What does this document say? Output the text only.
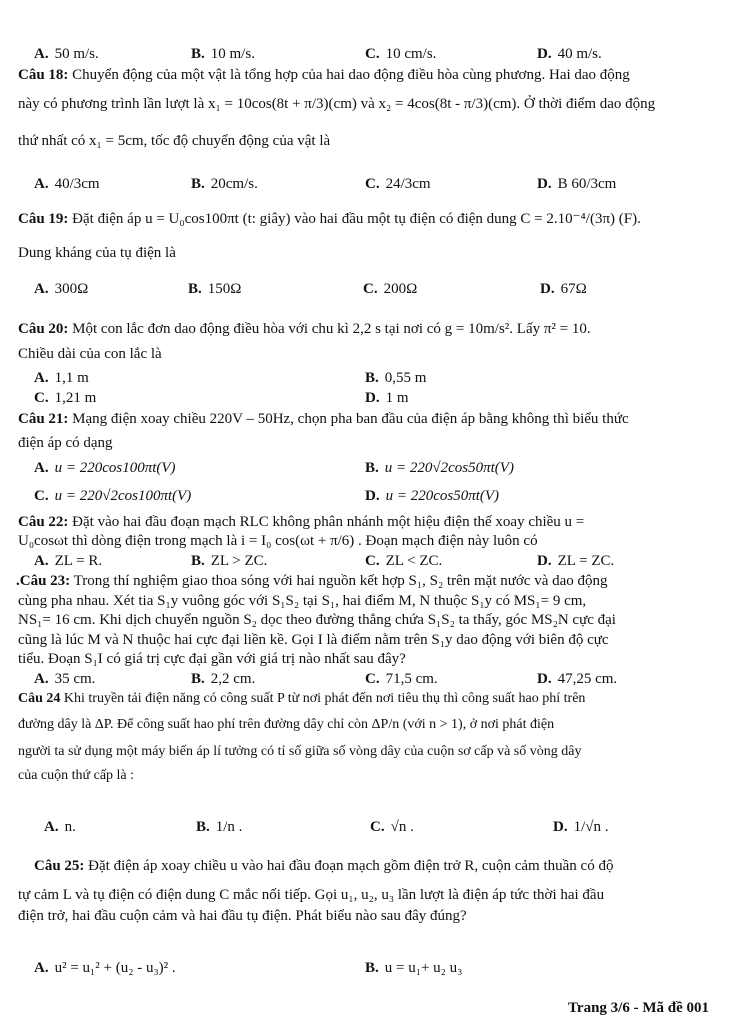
A. 50 m/s.	B. 10 m/s.	C. 10 cm/s.	D. 40 m/s.
Câu 18: Chuyển động của một vật là tổng hợp của hai dao động điều hòa cùng phương. Hai dao động
này có phương trình lần lượt là x₁ = 10cos(8t + π/3)(cm) và x₂ = 4cos(8t - π/3)(cm). Ở thời điểm dao động
thứ nhất có x₁ = 5cm, tốc độ chuyển động của vật là
A. 40/3cm	B. 20cm/s.	C. 24/3cm	D. B 60/3cm
Câu 19: Đặt điện áp u = U₀cos100πt (t: giây) vào hai đầu một tụ điện có điện dung C = 2.10⁻⁴/(3π) (F).
Dung kháng của tụ điện là
A. 300Ω	B. 150Ω	C. 200Ω	D. 67Ω
Câu 20: Một con lắc đơn dao động điều hòa với chu kì 2,2 s tại nơi có g = 10m/s². Lấy π² = 10.
Chiều dài của con lắc là
A. 1,1 m	B. 0,55 m
C. 1,21 m	D. 1 m
Câu 21: Mạng điện xoay chiều 220V – 50Hz, chọn pha ban đầu của điện áp bằng không thì biểu thức
điện áp có dạng
A. u = 220cos100πt(V)	B. u = 220√2cos50πt(V)
C. u = 220√2cos100πt(V)	D. u = 220cos50πt(V)
Câu 22: Đặt vào hai đầu đoạn mạch RLC không phân nhánh một hiệu điện thế xoay chiều u =
U₀cosωt thì dòng điện trong mạch là i = I₀ cos(ωt + π/6) . Đoạn mạch điện này luôn có
A. ZL = R.	B. ZL > ZC.	C. ZL < ZC.	D. ZL = ZC.
.Câu 23: Trong thí nghiệm giao thoa sóng với hai nguồn kết hợp S₁, S₂ trên mặt nước và dao động
cùng pha nhau. Xét tia S₁y vuông góc với S₁S₂ tại S₁, hai điểm M, N thuộc S₁y có MS₁= 9 cm,
NS₁= 16 cm. Khi dịch chuyển nguồn S₂ dọc theo đường thẳng chứa S₁S₂ ta thấy, góc MS₂N cực đại
cũng là lúc M và N thuộc hai cực đại liền kề. Gọi I là điểm nằm trên S₁y dao động với biên độ cực
tiểu. Đoạn S₁I có giá trị cực đại gần với giá trị nào nhất sau đây?
A. 35 cm.	B. 2,2 cm.	C. 71,5 cm.	D. 47,25 cm.
Câu 24 Khi truyền tải điện năng có công suất P từ nơi phát đến nơi tiêu thụ thì công suất hao phí trên
đường dây là ΔP. Để công suất hao phí trên đường dây chỉ còn ΔP/n (với n > 1), ở nơi phát điện
người ta sử dụng một máy biến áp lí tưởng có tỉ số giữa số vòng dây của cuộn sơ cấp và số vòng dây
của cuộn thứ cấp là :
A. n.	B. 1/n .	C. √n .	D. 1/√n .
Câu 25: Đặt điện áp xoay chiều u vào hai đầu đoạn mạch gồm điện trở R, cuộn cảm thuần có độ
tự cảm L và tụ điện có điện dung C mắc nối tiếp. Gọi u₁, u₂, u₃ lần lượt là điện áp tức thời hai đầu
điện trở, hai đầu cuộn cảm và hai đầu tụ điện. Phát biểu nào sau đây đúng?
A. u² = u₁² + (u₂ - u₃)² .	B. u = u₁+ u₂ u₃
Trang 3/6 - Mã đề 001
